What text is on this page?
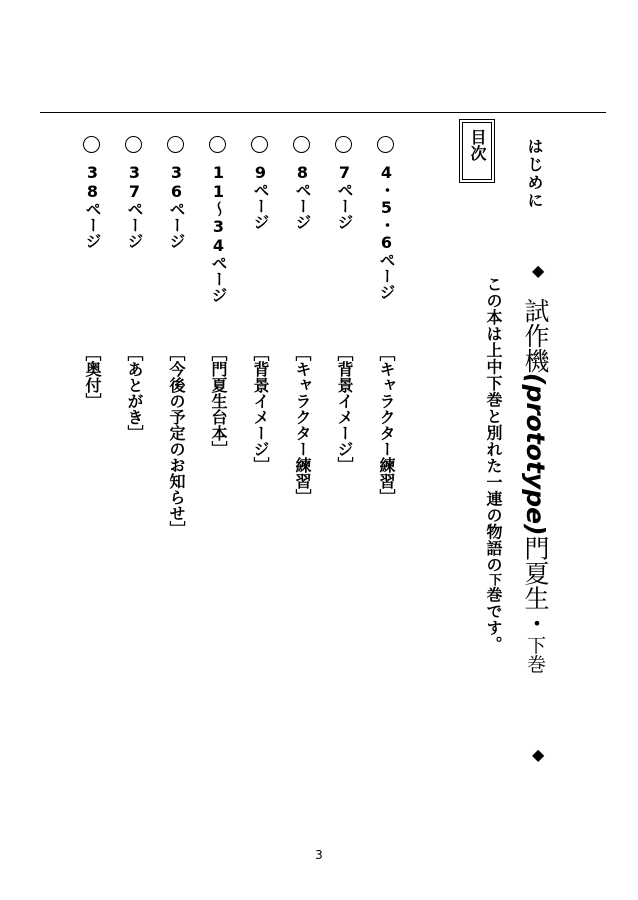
はじめに
目次
◆
試作機(prototype)門夏生・下巻
◆
この本は上中下巻と別れた一連の物語の下巻です。
4・5・6ページ
［キャラクター練習］
7ページ
［背景イメージ］
8ページ
［キャラクター練習］
9ページ
［背景イメージ］
11〜34ページ
［門夏生台本］
36ページ
［今後の予定のお知らせ］
37ページ
［あとがき］
38ページ
［奥付］
3
